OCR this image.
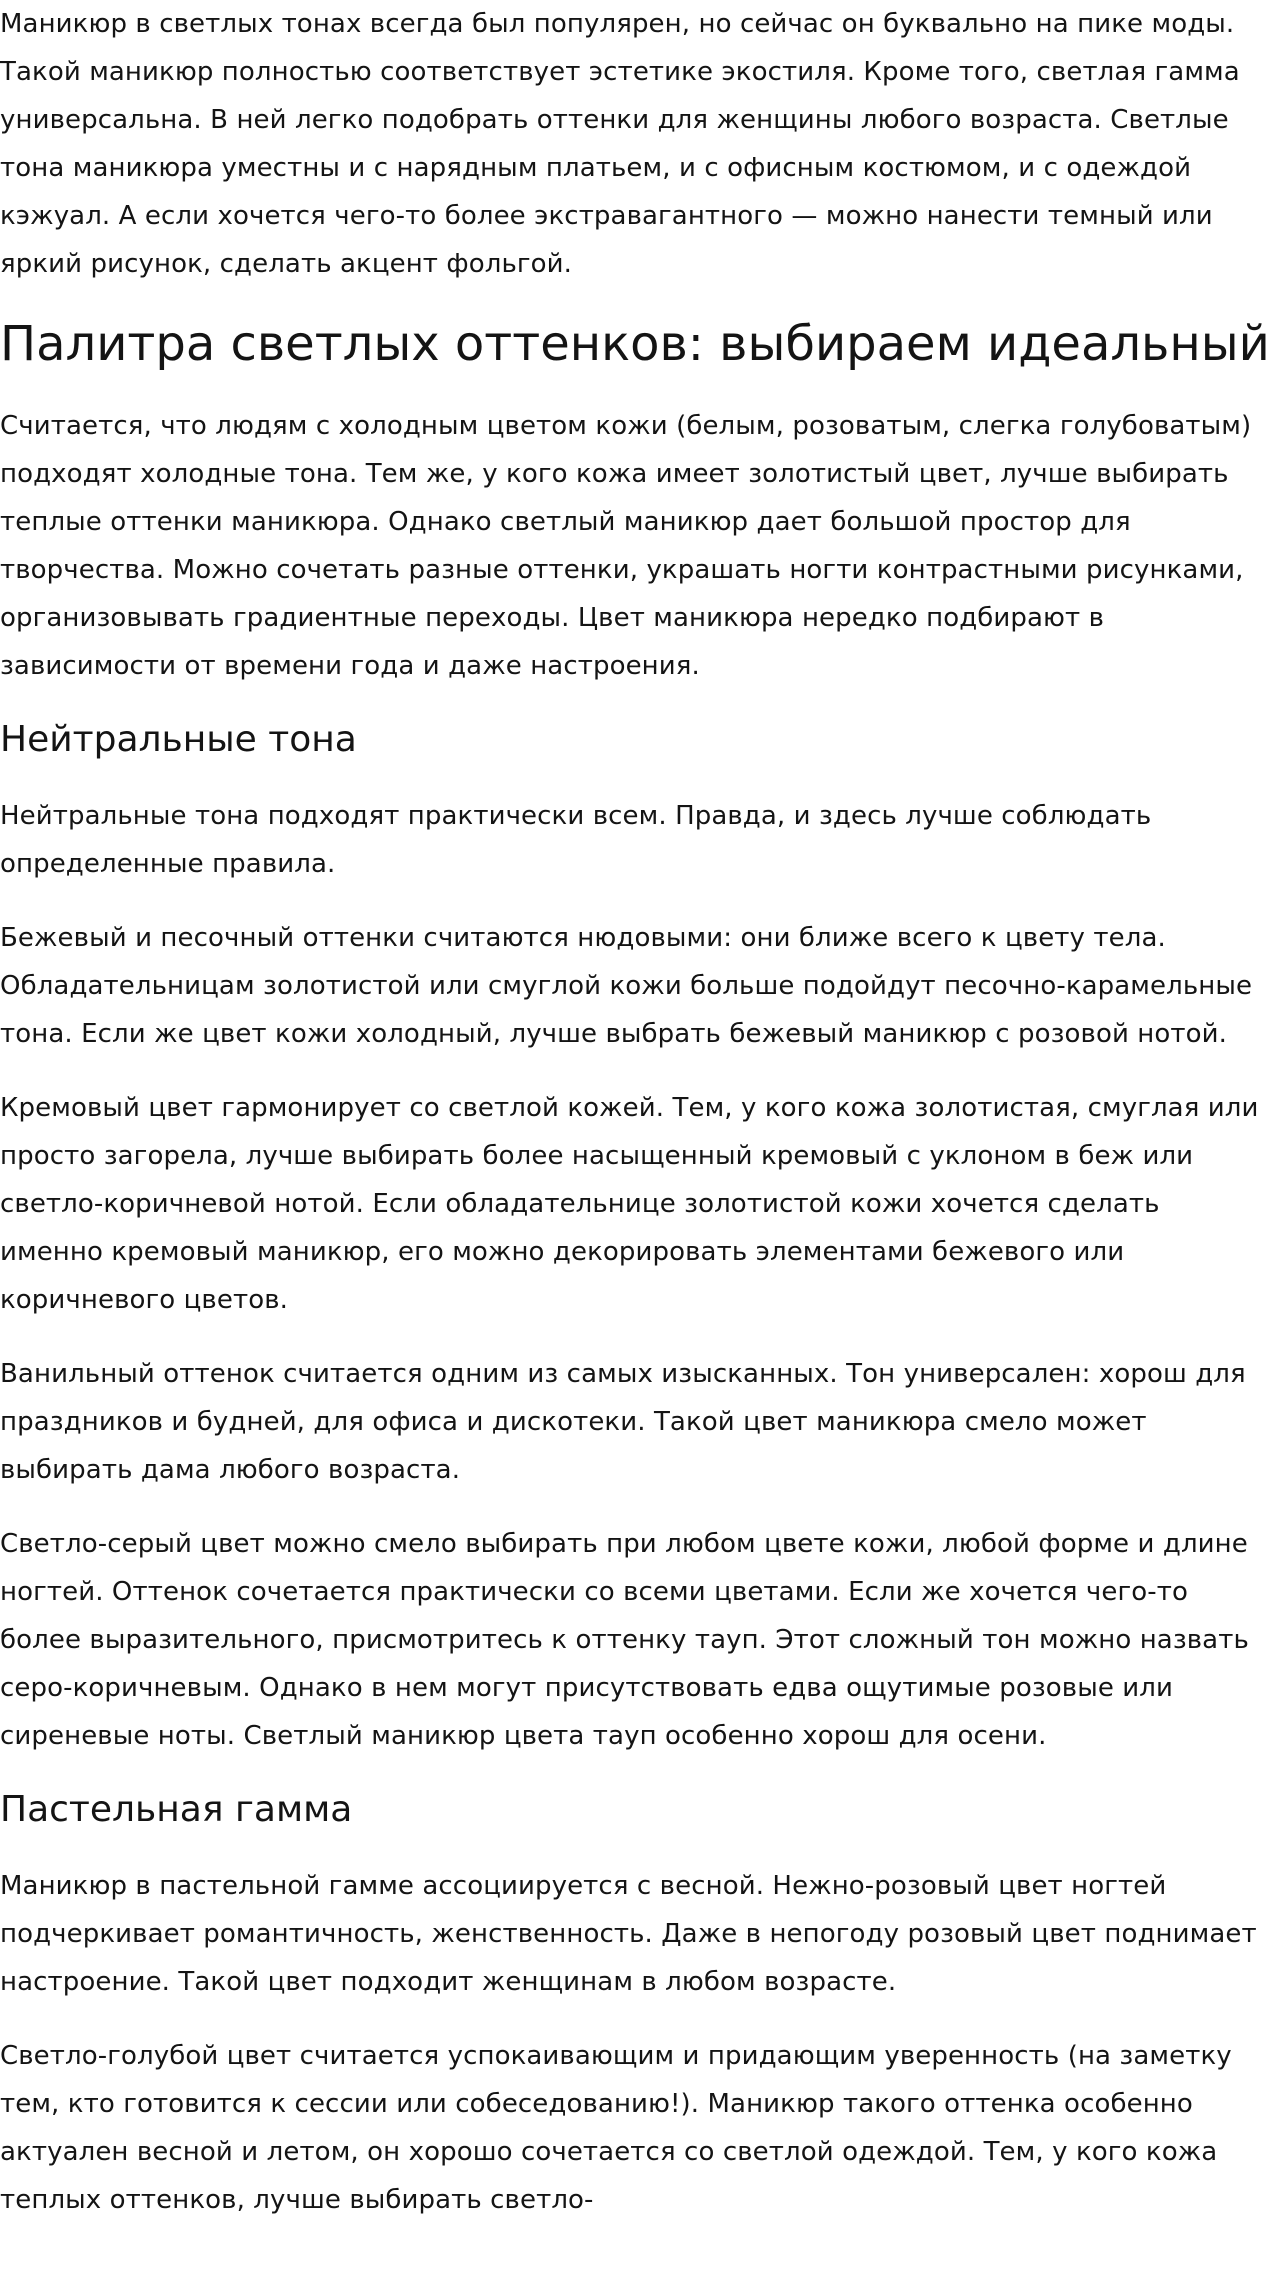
Маникюр в светлых тонах всегда был популярен, но сейчас он буквально на пике моды. Такой маникюр полностью соответствует эстетике экостиля. Кроме того, светлая гамма универсальна. В ней легко подобрать оттенки для женщины любого возраста. Светлые тона маникюра уместны и с нарядным платьем, и с офисным костюмом, и с одеждой кэжуал. А если хочется чего-то более экстравагантного — можно нанести темный или яркий рисунок, сделать акцент фольгой.

Палитра светлых оттенков: выбираем идеальный

Считается, что людям с холодным цветом кожи (белым, розоватым, слегка голубоватым) подходят холодные тона. Тем же, у кого кожа имеет золотистый цвет, лучше выбирать теплые оттенки маникюра. Однако светлый маникюр дает большой простор для творчества. Можно сочетать разные оттенки, украшать ногти контрастными рисунками, организовывать градиентные переходы. Цвет маникюра нередко подбирают в зависимости от времени года и даже настроения.

Нейтральные тона

Нейтральные тона подходят практически всем. Правда, и здесь лучше соблюдать определенные правила.

Бежевый и песочный оттенки считаются нюдовыми: они ближе всего к цвету тела. Обладательницам золотистой или смуглой кожи больше подойдут песочно-карамельные тона. Если же цвет кожи холодный, лучше выбрать бежевый маникюр с розовой нотой.

Кремовый цвет гармонирует со светлой кожей. Тем, у кого кожа золотистая, смуглая или просто загорела, лучше выбирать более насыщенный кремовый с уклоном в беж или светло-коричневой нотой. Если обладательнице золотистой кожи хочется сделать именно кремовый маникюр, его можно декорировать элементами бежевого или коричневого цветов.

Ванильный оттенок считается одним из самых изысканных. Тон универсален: хорош для праздников и будней, для офиса и дискотеки. Такой цвет маникюра смело может выбирать дама любого возраста.

Светло-серый цвет можно смело выбирать при любом цвете кожи, любой форме и длине ногтей. Оттенок сочетается практически со всеми цветами. Если же хочется чего-то более выразительного, присмотритесь к оттенку тауп. Этот сложный тон можно назвать серо-коричневым. Однако в нем могут присутствовать едва ощутимые розовые или сиреневые ноты. Светлый маникюр цвета тауп особенно хорош для осени.

Пастельная гамма

Маникюр в пастельной гамме ассоциируется с весной. Нежно-розовый цвет ногтей подчеркивает романтичность, женственность. Даже в непогоду розовый цвет поднимает настроение. Такой цвет подходит женщинам в любом возрасте.

Светло-голубой цвет считается успокаивающим и придающим уверенность (на заметку тем, кто готовится к сессии или собеседованию!). Маникюр такого оттенка особенно актуален весной и летом, он хорошо сочетается со светлой одеждой. Тем, у кого кожа теплых оттенков, лучше выбирать светло-
